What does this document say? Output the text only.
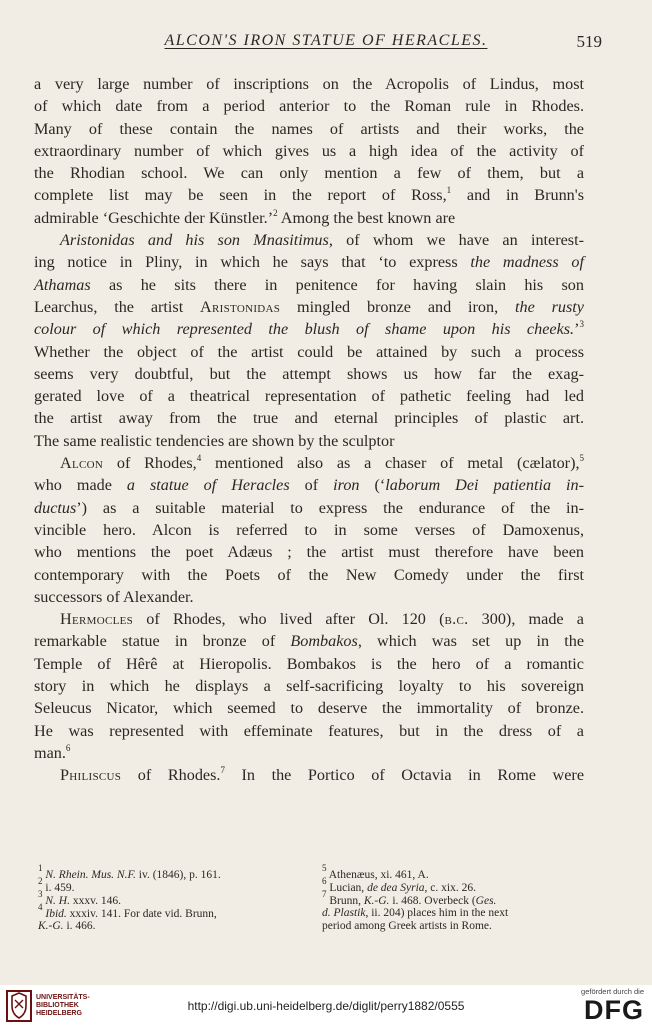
ALCON'S IRON STATUE OF HERACLES.	519
a very large number of inscriptions on the Acropolis of Lindus, most
of which date from a period anterior to the Roman rule in Rhodes.
Many of these contain the names of artists and their works, the
extraordinary number of which gives us a high idea of the activity of
the Rhodian school. We can only mention a few of them, but a
complete list may be seen in the report of Ross,$^1$ and in Brunn's
admirable ‘Geschichte der Künstler.’$^2$ Among the best known are
Aristonidas and his son Mnasitimus, of whom we have an interest-
ing notice in Pliny, in which he says that ‘to express the madness of
Athamas as he sits there in penitence for having slain his son
Learchus, the artist Aristonidas mingled bronze and iron, the rusty
colour of which represented the blush of shame upon his cheeks.’$^3$
Whether the object of the artist could be attained by such a process
seems very doubtful, but the attempt shows us how far the exag-
gerated love of a theatrical representation of pathetic feeling had led
the artist away from the true and eternal principles of plastic art.
The same realistic tendencies are shown by the sculptor
Alcon of Rhodes,$^4$ mentioned also as a chaser of metal (cælator),$^5$
who made a statue of Heracles of iron (‘laborum Dei patientia in-
ductus’) as a suitable material to express the endurance of the in-
vincible hero. Alcon is referred to in some verses of Damoxenus,
who mentions the poet Adæus ; the artist must therefore have been
contemporary with the Poets of the New Comedy under the first
successors of Alexander.
Hermocles of Rhodes, who lived after Ol. 120 (b.c. 300), made a
remarkable statue in bronze of Bombakos, which was set up in the
Temple of Hêrê at Hieropolis. Bombakos is the hero of a romantic
story in which he displays a self-sacrificing loyalty to his sovereign
Seleucus Nicator, which seemed to deserve the immortality of bronze.
He was represented with effeminate features, but in the dress of a
man.$^6$
Philiscus of Rhodes.$^7$ In the Portico of Octavia in Rome were
$^1$ N. Rhein. Mus. N.F. iv. (1846), p. 161.
$^2$ i. 459.
$^3$ N. H. xxxv. 146.
$^4$ Ibid. xxxiv. 141. For date vid. Brunn,
K.-G. i. 466.
$^5$ Athenæus, xi. 461, A.
$^6$ Lucian, de dea Syria, c. xix. 26.
$^7$ Brunn, K.-G. i. 468. Overbeck (Ges.
d. Plastik, ii. 204) places him in the next
period among Greek artists in Rome.
UNIVERSITÄTS-
BIBLIOTHEK
HEIDELBERG
http://digi.ub.uni-heidelberg.de/diglit/perry1882/0555
gefördert durch die
DFG
